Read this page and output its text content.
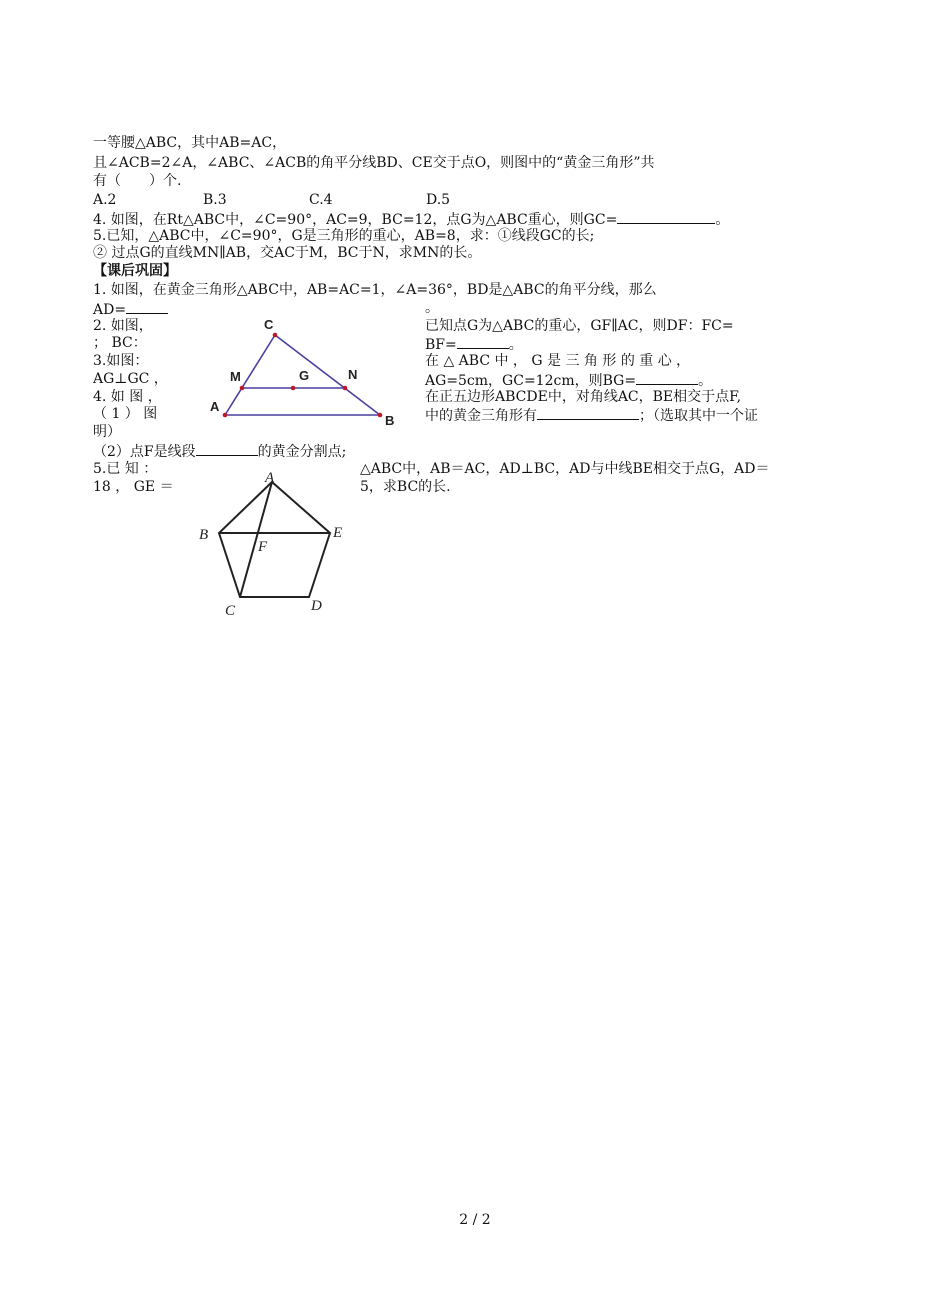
一等腰△ABC，其中AB=AC，
且∠ACB=2∠A，∠ABC、∠ACB的角平分线BD、CE交于点O，则图中的“黄金三角形”共
有（　　）个.
A.2	B.3	C.4	D.5
4. 如图，在Rt△ABC中，∠C=90°，AC=9，BC=12，点G为△ABC重心，则GC=	。
5.已知，△ABC中，∠C=90°，G是三角形的重心，AB=8，求：①线段GC的长;
② 过点G的直线MN∥AB，交AC于M，BC于N，求MN的长。
【课后巩固】
1. 如图，在黄金三角形△ABC中，AB=AC=1，∠A=36°，BD是△ABC的角平分线，那么
AD=	。
2. 如图，	已知点G为△ABC的重心，GF∥AC，则DF：FC=
； BC：	BF=	。
3.如图：	在 △ ABC 中 ， G 是 三 角 形 的 重 心 ，
AG⊥GC ，	AG=5cm，GC=12cm，则BG=	。
4. 如 图 ，	在正五边形ABCDE中，对角线AC，BE相交于点F,
（ 1 ） 图	中的黄金三角形有	；（选取其中一个证
明）
（2）点F是线段	的黄金分割点;
5.已 知 ：	△ABC中，AB＝AC，AD⊥BC，AD与中线BE相交于点G，AD＝
18 ， GE ＝	5，求BC的长.
C
M	G	N
A
B
A
B	E
F
C	D
2 / 2
